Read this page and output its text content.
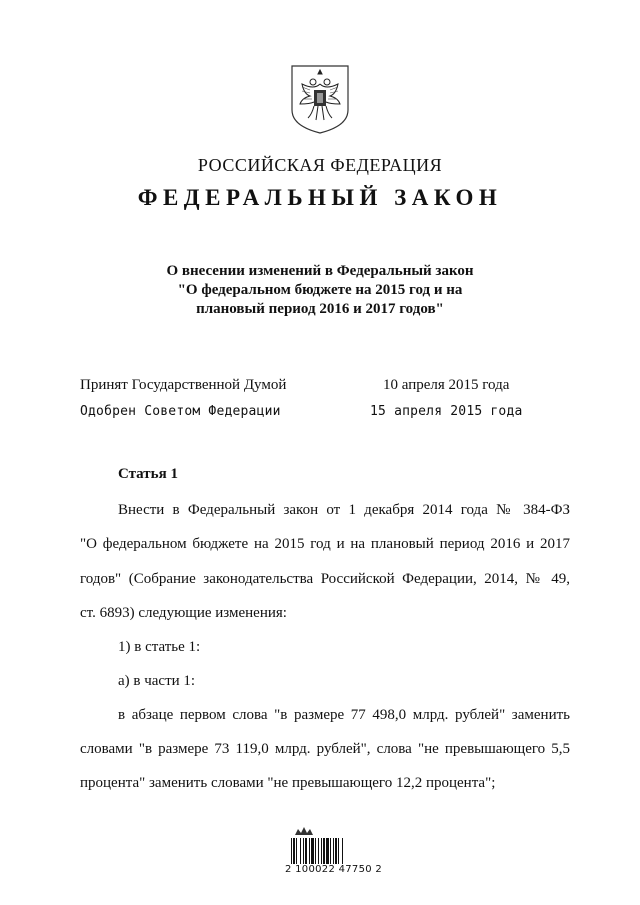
РОССИЙСКАЯ ФЕДЕРАЦИЯ
ФЕДЕРАЛЬНЫЙ ЗАКОН
О внесении изменений в Федеральный закон
"О федеральном бюджете на 2015 год и на
плановый период 2016 и 2017 годов"
Принят Государственной Думой	10 апреля 2015 года
Одобрен Советом Федерации	15 апреля 2015 года
Статья 1
Внести в Федеральный закон от 1 декабря 2014 года № 384-ФЗ
"О федеральном бюджете на 2015 год и на плановый период 2016 и 2017
годов" (Собрание законодательства Российской Федерации, 2014, № 49,
ст. 6893) следующие изменения:
1) в статье 1:
а) в части 1:
в абзаце первом слова "в размере 77 498,0 млрд. рублей" заменить
словами "в размере 73 119,0 млрд. рублей", слова "не превышающего 5,5
процента" заменить словами "не превышающего 12,2 процента";
2 100022 47750 2
